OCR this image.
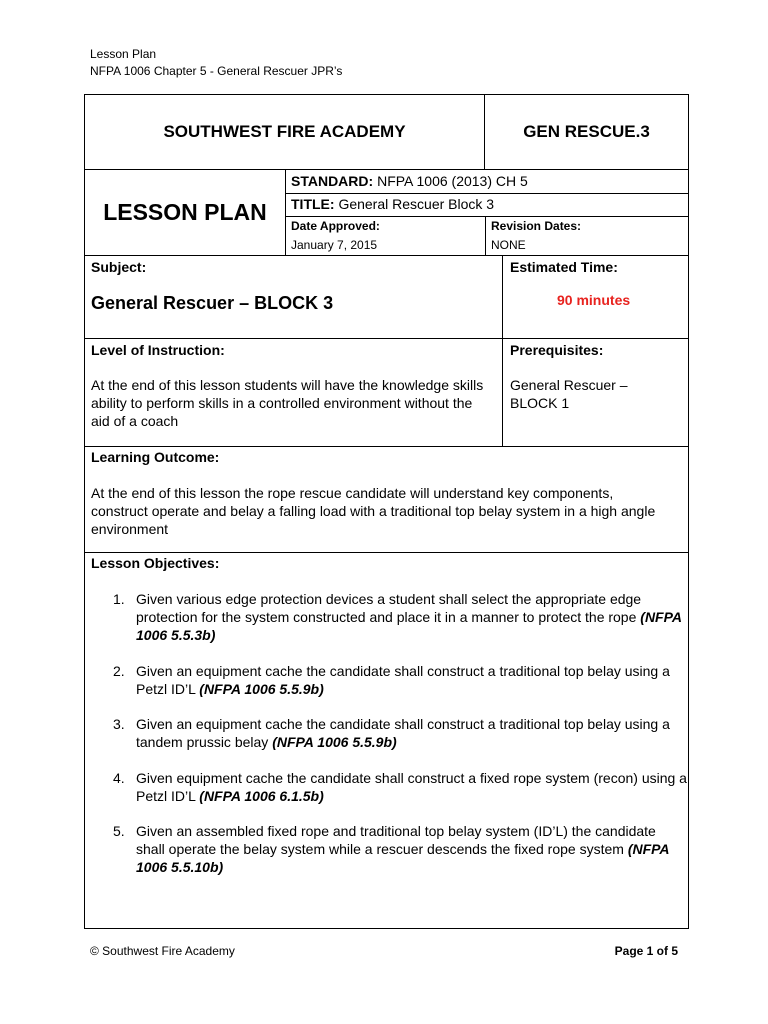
Lesson Plan
NFPA 1006 Chapter 5 - General Rescuer JPR’s
SOUTHWEST FIRE ACADEMY	GEN RESCUE.3
LESSON PLAN
STANDARD: NFPA 1006 (2013) CH 5
TITLE: General Rescuer Block 3
Date Approved:
January 7, 2015
Revision Dates:
NONE
Subject:
General Rescuer – BLOCK 3
Estimated Time:
90 minutes
Level of Instruction:
At the end of this lesson students will have the knowledge skills ability to perform skills in a controlled environment without the aid of a coach
Prerequisites:
General Rescuer – BLOCK 1
Learning Outcome:
At the end of this lesson the rope rescue candidate will understand key components, construct operate and belay a falling load with a traditional top belay system in a high angle environment
Lesson Objectives:
1. Given various edge protection devices a student shall select the appropriate edge protection for the system constructed and place it in a manner to protect the rope (NFPA 1006 5.5.3b)
2. Given an equipment cache the candidate shall construct a traditional top belay using a Petzl ID’L (NFPA 1006 5.5.9b)
3. Given an equipment cache the candidate shall construct a traditional top belay using a tandem prussic belay (NFPA 1006 5.5.9b)
4. Given equipment cache the candidate shall construct a fixed rope system (recon) using a Petzl ID’L (NFPA 1006 6.1.5b)
5. Given an assembled fixed rope and traditional top belay system (ID’L) the candidate shall operate the belay system while a rescuer descends the fixed rope system (NFPA 1006 5.5.10b)
© Southwest Fire Academy	Page 1 of 5
